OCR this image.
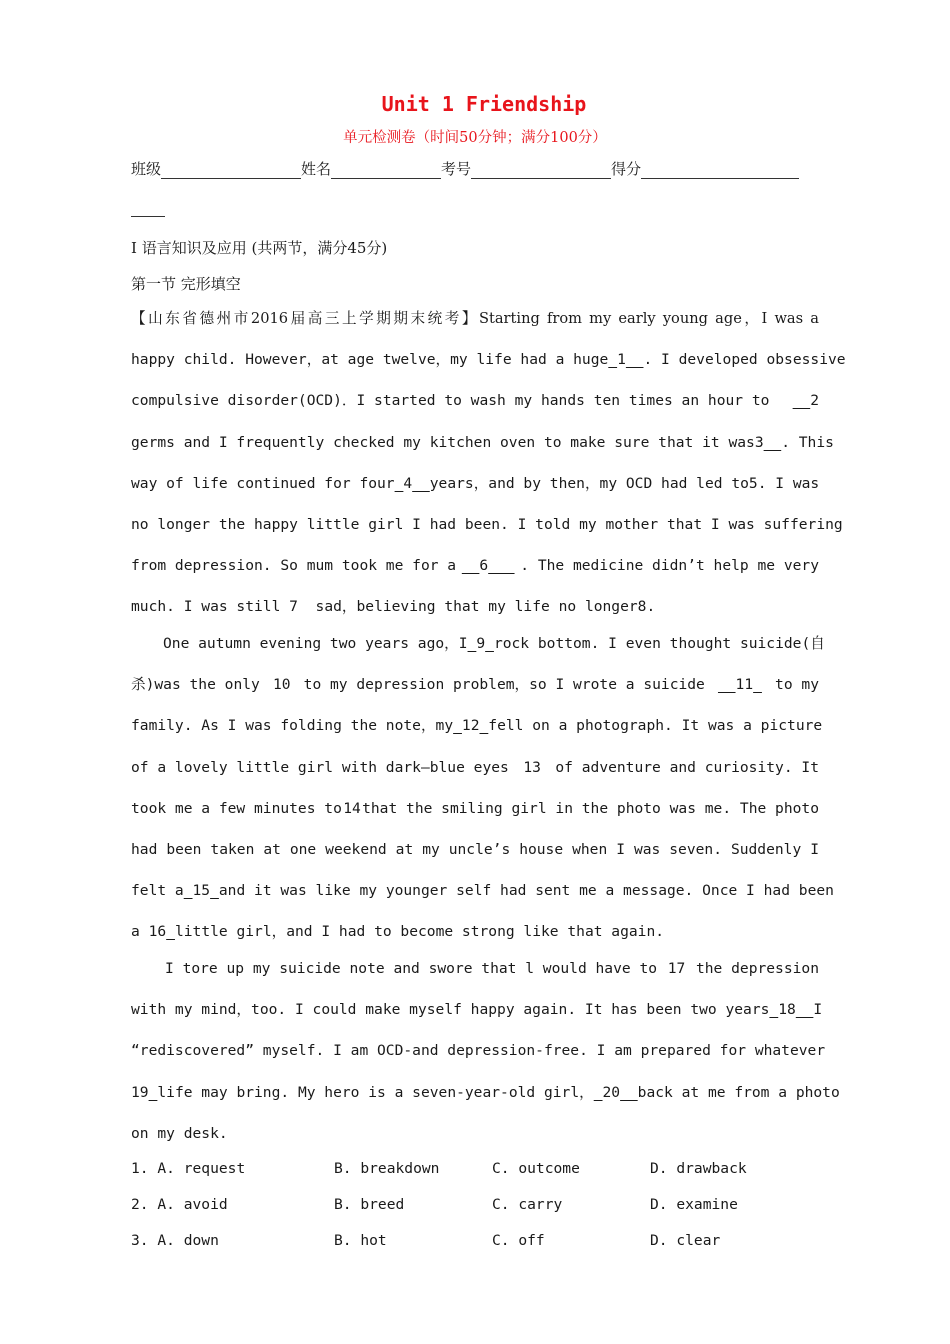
Unit 1 Friendship
单元检测卷（时间50分钟；满分100分）
班级	姓名	考号	得分
I 语言知识及应用 (共两节，满分45分)
第一节 完形填空
【山东省德州市2016届高三上学期期末统考】Starting from my early young age，I was a
happy child. However，at age twelve，my life had a huge 1	. I developed obsessive
compulsive disorder(OCD)．I started to wash my hands ten times an hour to	2
germs and I frequently checked my kitchen oven to make sure that it was 3	. This
way of life continued for four 4	years，and by then，my OCD had led to 5 . I was
no longer the happy little girl I had been. I told my mother that I was suffering
from depression. So mum took me for a	6	. The medicine didn’t help me very
much. I was still
7
sad，believing that my life no longer 8 .
One autumn evening two years ago，I 9 rock bottom. I even thought suicide(自
杀)was the only 10 to my depression problem，so I wrote a suicide	11	to my
family. As I was folding the note，my 12 fell on a photograph. It was a picture
of a lovely little girl with dark—blue eyes 13 of adventure and curiosity. It
took me a few minutes to 14 that the smiling girl in the photo was me. The photo
had been taken at one weekend at my uncle’s house when I was seven. Suddenly I
felt a 15 and it was like my younger self had sent me a message. Once I had been
a
16 little girl，and I had to become strong like that again.
I tore up my suicide note and swore that l would have to 17 the depression
with my mind，too. I could make myself happy again. It has been two years 18	I
“rediscovered” myself. I am OCD-and depression-free. I am prepared for whatever
19 life may bring. My hero is a seven-year-old girl， 20	back at me from a photo
on my desk.
1. A. request	B. breakdown	C. outcome	D. drawback
2. A. avoid	B. breed	C. carry	D. examine
3. A. down	B. hot	C. off	D. clear
